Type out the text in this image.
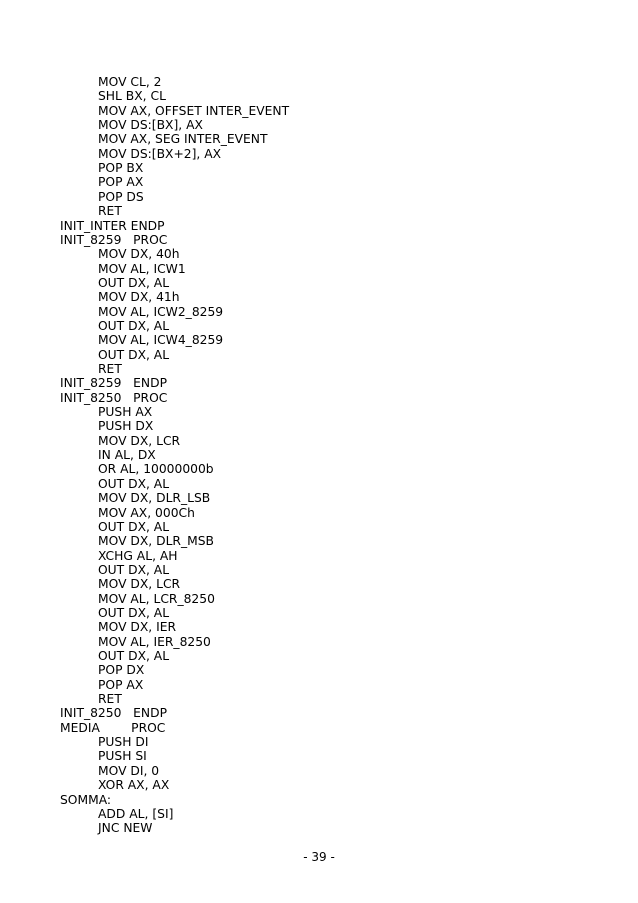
MOV CL, 2
SHL BX, CL
MOV AX, OFFSET INTER_EVENT
MOV DS:[BX], AX
MOV AX, SEG INTER_EVENT
MOV DS:[BX+2], AX
POP BX
POP AX
POP DS
RET
INIT_INTER ENDP
INIT_8259   PROC
MOV DX, 40h
MOV AL, ICW1
OUT DX, AL
MOV DX, 41h
MOV AL, ICW2_8259
OUT DX, AL
MOV AL, ICW4_8259
OUT DX, AL
RET
INIT_8259   ENDP
INIT_8250   PROC
PUSH AX
PUSH DX
MOV DX, LCR
IN AL, DX
OR AL, 10000000b
OUT DX, AL
MOV DX, DLR_LSB
MOV AX, 000Ch
OUT DX, AL
MOV DX, DLR_MSB
XCHG AL, AH
OUT DX, AL
MOV DX, LCR
MOV AL, LCR_8250
OUT DX, AL
MOV DX, IER
MOV AL, IER_8250
OUT DX, AL
POP DX
POP AX
RET
INIT_8250   ENDP
MEDIA        PROC
PUSH DI
PUSH SI
MOV DI, 0
XOR AX, AX
SOMMA:
ADD AL, [SI]
JNC NEW
- 39 -
